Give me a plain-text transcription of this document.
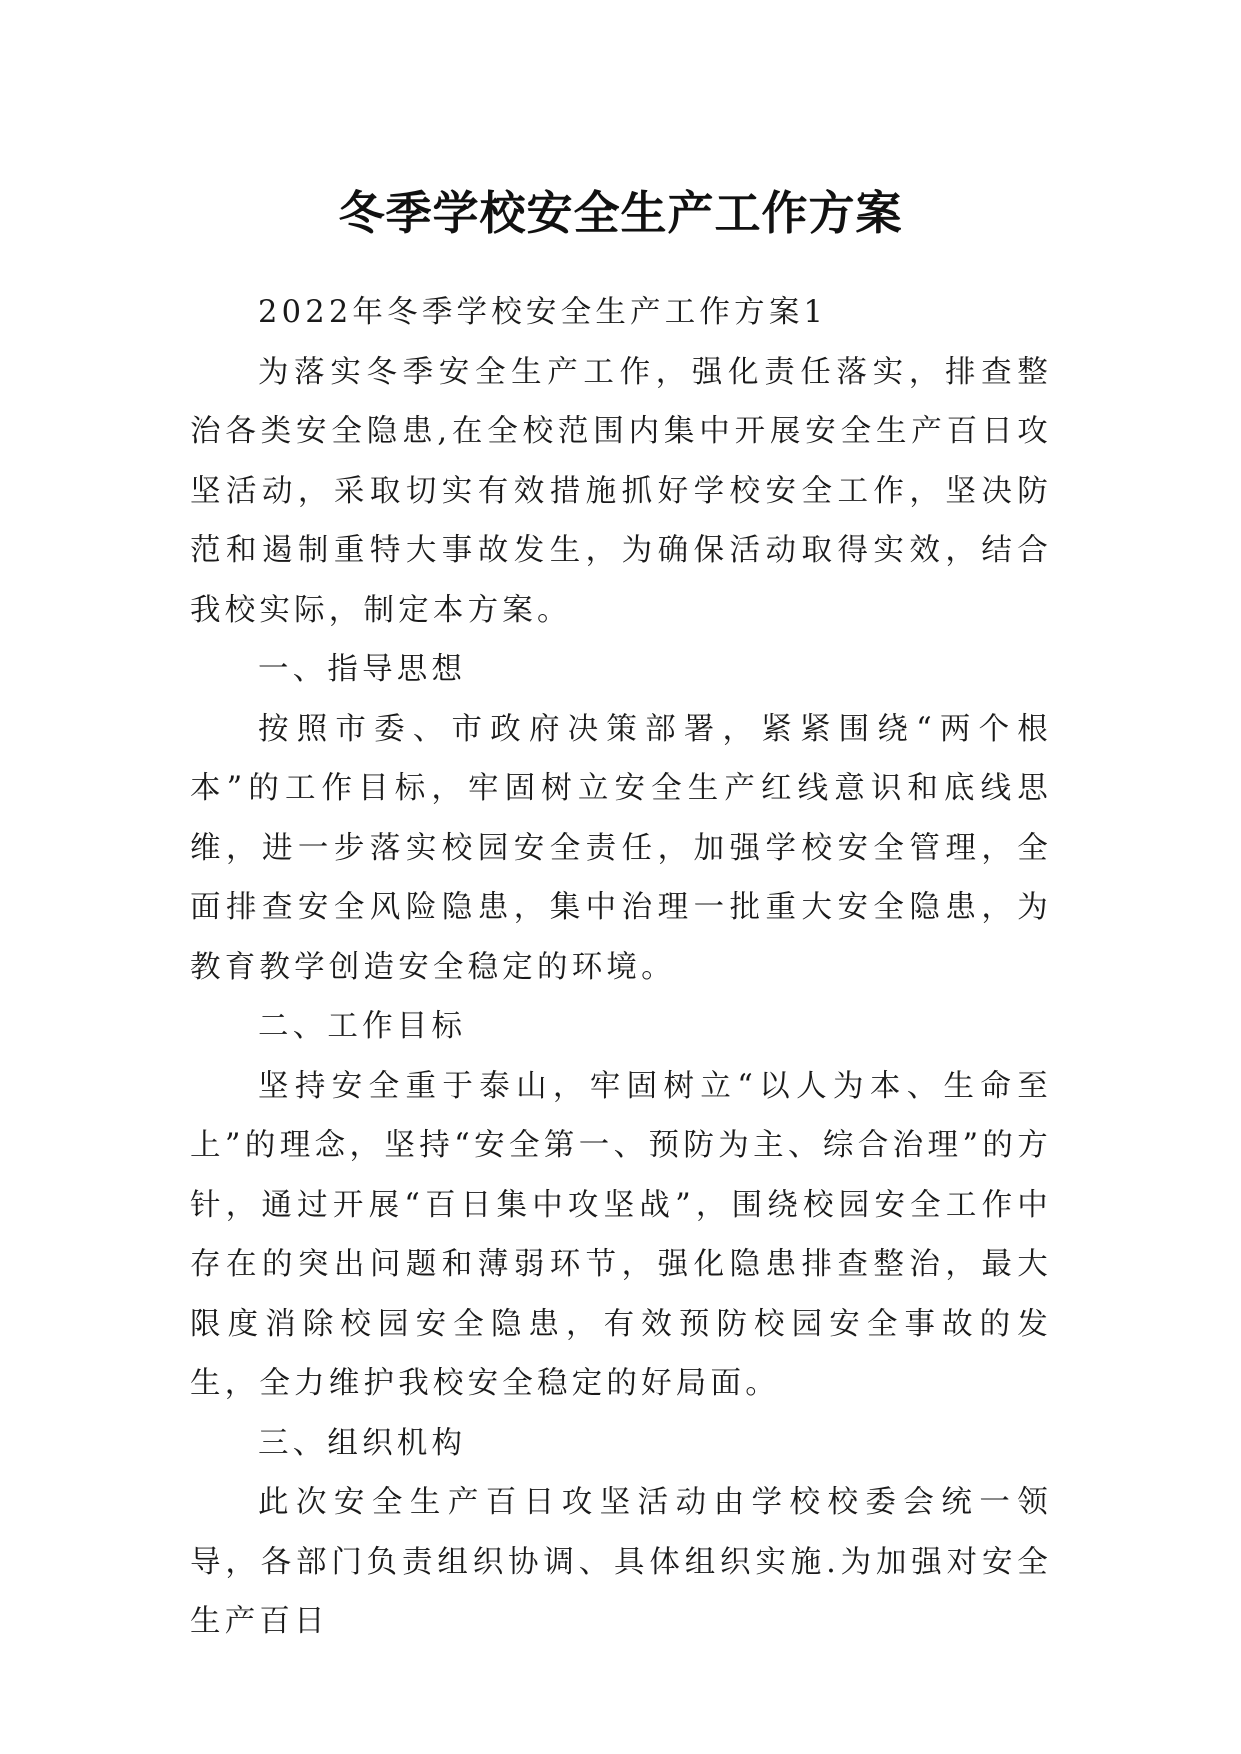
冬季学校安全生产工作方案

2022年冬季学校安全生产工作方案1

为落实冬季安全生产工作，强化责任落实，排查整治各类安全隐患,在全校范围内集中开展安全生产百日攻坚活动，采取切实有效措施抓好学校安全工作，坚决防范和遏制重特大事故发生，为确保活动取得实效，结合我校实际，制定本方案。

一、指导思想

按照市委、市政府决策部署，紧紧围绕“两个根本”的工作目标，牢固树立安全生产红线意识和底线思维，进一步落实校园安全责任，加强学校安全管理，全面排查安全风险隐患，集中治理一批重大安全隐患，为教育教学创造安全稳定的环境。

二、工作目标

坚持安全重于泰山，牢固树立“以人为本、生命至上”的理念，坚持“安全第一、预防为主、综合治理”的方针，通过开展“百日集中攻坚战”，围绕校园安全工作中存在的突出问题和薄弱环节，强化隐患排查整治，最大限度消除校园安全隐患，有效预防校园安全事故的发生，全力维护我校安全稳定的好局面。

三、组织机构

此次安全生产百日攻坚活动由学校校委会统一领导，各部门负责组织协调、具体组织实施.为加强对安全生产百日
